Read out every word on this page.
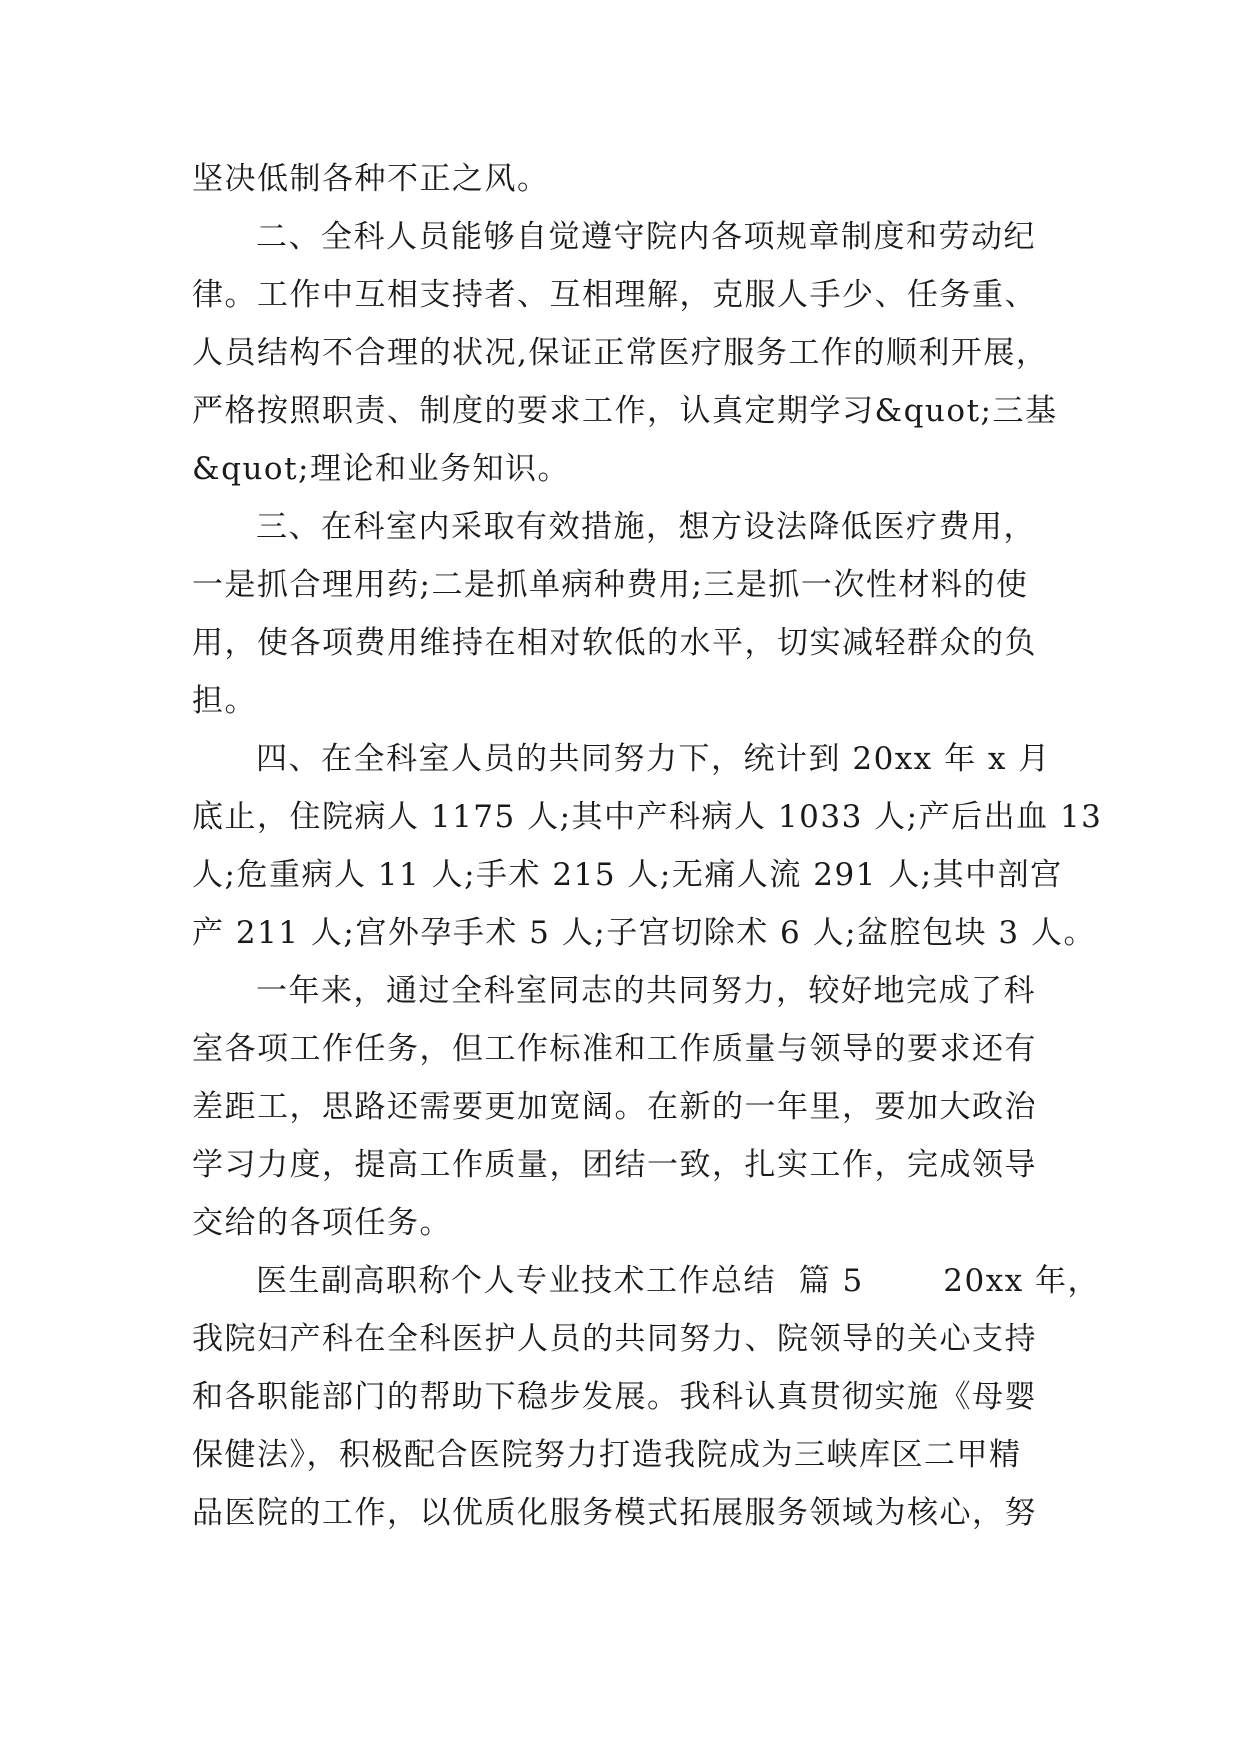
坚决低制各种不正之风。
二、全科人员能够自觉遵守院内各项规章制度和劳动纪
律。工作中互相支持者、互相理解，克服人手少、任务重、
人员结构不合理的状况,保证正常医疗服务工作的顺利开展，
严格按照职责、制度的要求工作，认真定期学习&quot;三基
&quot;理论和业务知识。
三、在科室内采取有效措施，想方设法降低医疗费用，
一是抓合理用药;二是抓单病种费用;三是抓一次性材料的使
用，使各项费用维持在相对软低的水平，切实减轻群众的负
担。
四、在全科室人员的共同努力下，统计到 20xx 年 x 月
底止，住院病人 1175 人;其中产科病人 1033 人;产后出血 13
人;危重病人 11 人;手术 215 人;无痛人流 291 人;其中剖宫
产 211 人;宫外孕手术 5 人;子宫切除术 6 人;盆腔包块 3 人。
一年来，通过全科室同志的共同努力，较好地完成了科
室各项工作任务，但工作标准和工作质量与领导的要求还有
差距工，思路还需要更加宽阔。在新的一年里，要加大政治
学习力度，提高工作质量，团结一致，扎实工作，完成领导
交给的各项任务。
医生副高职称个人专业技术工作总结  篇 5       20xx 年，
我院妇产科在全科医护人员的共同努力、院领导的关心支持
和各职能部门的帮助下稳步发展。我科认真贯彻实施《母婴
保健法》，积极配合医院努力打造我院成为三峡库区二甲精
品医院的工作，以优质化服务模式拓展服务领域为核心，努
